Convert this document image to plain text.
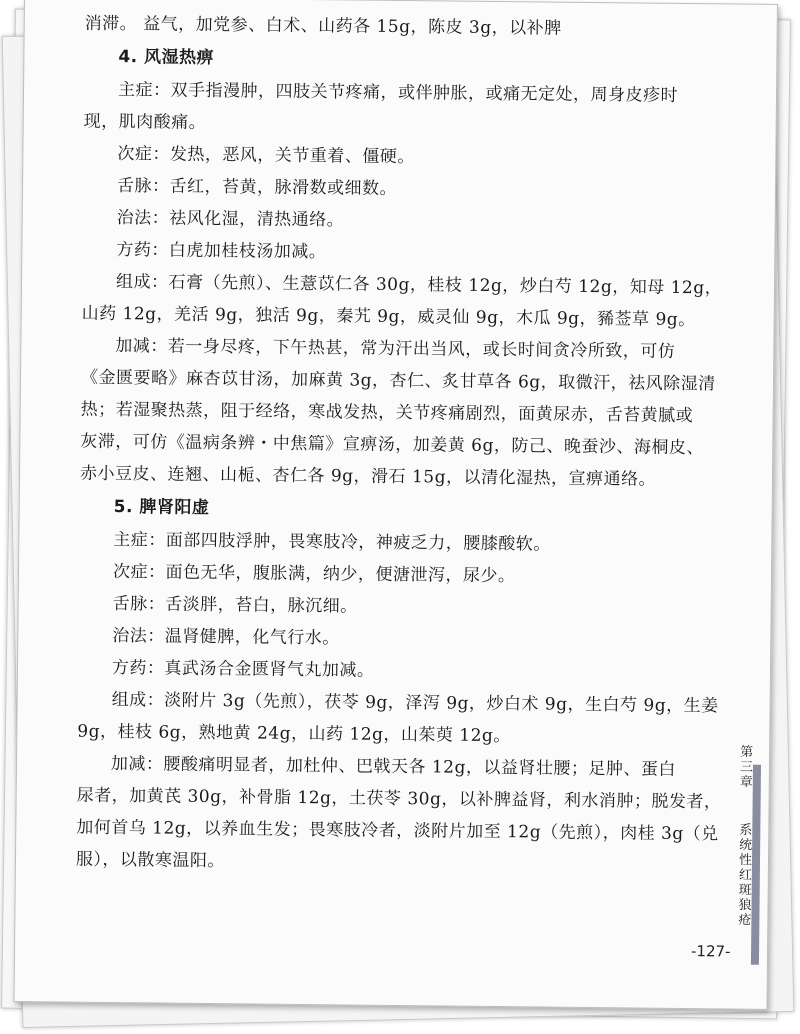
消滞。 益气，加党参、白术、山药各 15g，陈皮 3g，以补脾
4. 风湿热痹
主症：双手指漫肿，四肢关节疼痛，或伴肿胀，或痛无定处，周身皮疹时
现，肌肉酸痛。
次症：发热，恶风，关节重着、僵硬。
舌脉：舌红，苔黄，脉滑数或细数。
治法：祛风化湿，清热通络。
方药：白虎加桂枝汤加减。
组成：石膏（先煎）、生薏苡仁各 30g，桂枝 12g，炒白芍 12g，知母 12g，
山药 12g，羌活 9g，独活 9g，秦艽 9g，威灵仙 9g，木瓜 9g，豨莶草 9g。
加减：若一身尽疼，下午热甚，常为汗出当风，或长时间贪冷所致，可仿
《金匮要略》麻杏苡甘汤，加麻黄 3g，杏仁、炙甘草各 6g，取微汗，祛风除湿清
热；若湿聚热蒸，阻于经络，寒战发热，关节疼痛剧烈，面黄尿赤，舌苔黄腻或
灰滞，可仿《温病条辨・中焦篇》宣痹汤，加姜黄 6g，防己、晚蚕沙、海桐皮、
赤小豆皮、连翘、山栀、杏仁各 9g，滑石 15g，以清化湿热，宣痹通络。
5. 脾肾阳虚
主症：面部四肢浮肿，畏寒肢冷，神疲乏力，腰膝酸软。
次症：面色无华，腹胀满，纳少，便溏泄泻，尿少。
舌脉：舌淡胖，苔白，脉沉细。
治法：温肾健脾，化气行水。
方药：真武汤合金匮肾气丸加减。
组成：淡附片 3g（先煎），茯苓 9g，泽泻 9g，炒白术 9g，生白芍 9g，生姜
9g，桂枝 6g，熟地黄 24g，山药 12g，山茱萸 12g。
加减：腰酸痛明显者，加杜仲、巴戟天各 12g，以益肾壮腰；足肿、蛋白
尿者，加黄芪 30g，补骨脂 12g，土茯苓 30g，以补脾益肾，利水消肿；脱发者，
加何首乌 12g，以养血生发；畏寒肢冷者，淡附片加至 12g（先煎），肉桂 3g（兑
服），以散寒温阳。
第三章
系统性红斑狼疮
-127-
